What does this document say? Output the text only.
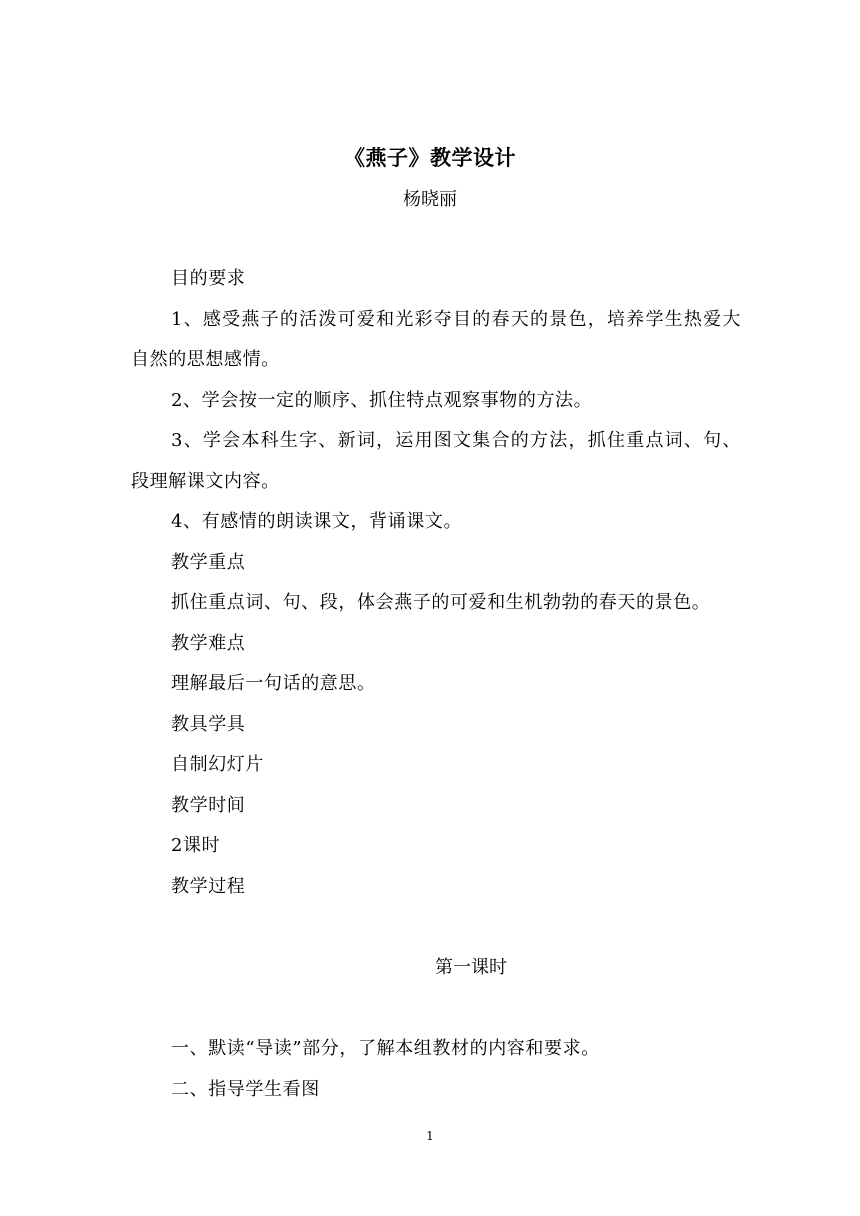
《燕子》教学设计
杨晓丽

目的要求

1、感受燕子的活泼可爱和光彩夺目的春天的景色，培养学生热爱大自然的思想感情。

2、学会按一定的顺序、抓住特点观察事物的方法。

3、学会本科生字、新词，运用图文集合的方法，抓住重点词、句、段理解课文内容。

4、有感情的朗读课文，背诵课文。

教学重点

抓住重点词、句、段，体会燕子的可爱和生机勃勃的春天的景色。

教学难点

理解最后一句话的意思。

教具学具

自制幻灯片

教学时间

2课时

教学过程

第一课时

一、默读“导读”部分，了解本组教材的内容和要求。

二、指导学生看图

1
